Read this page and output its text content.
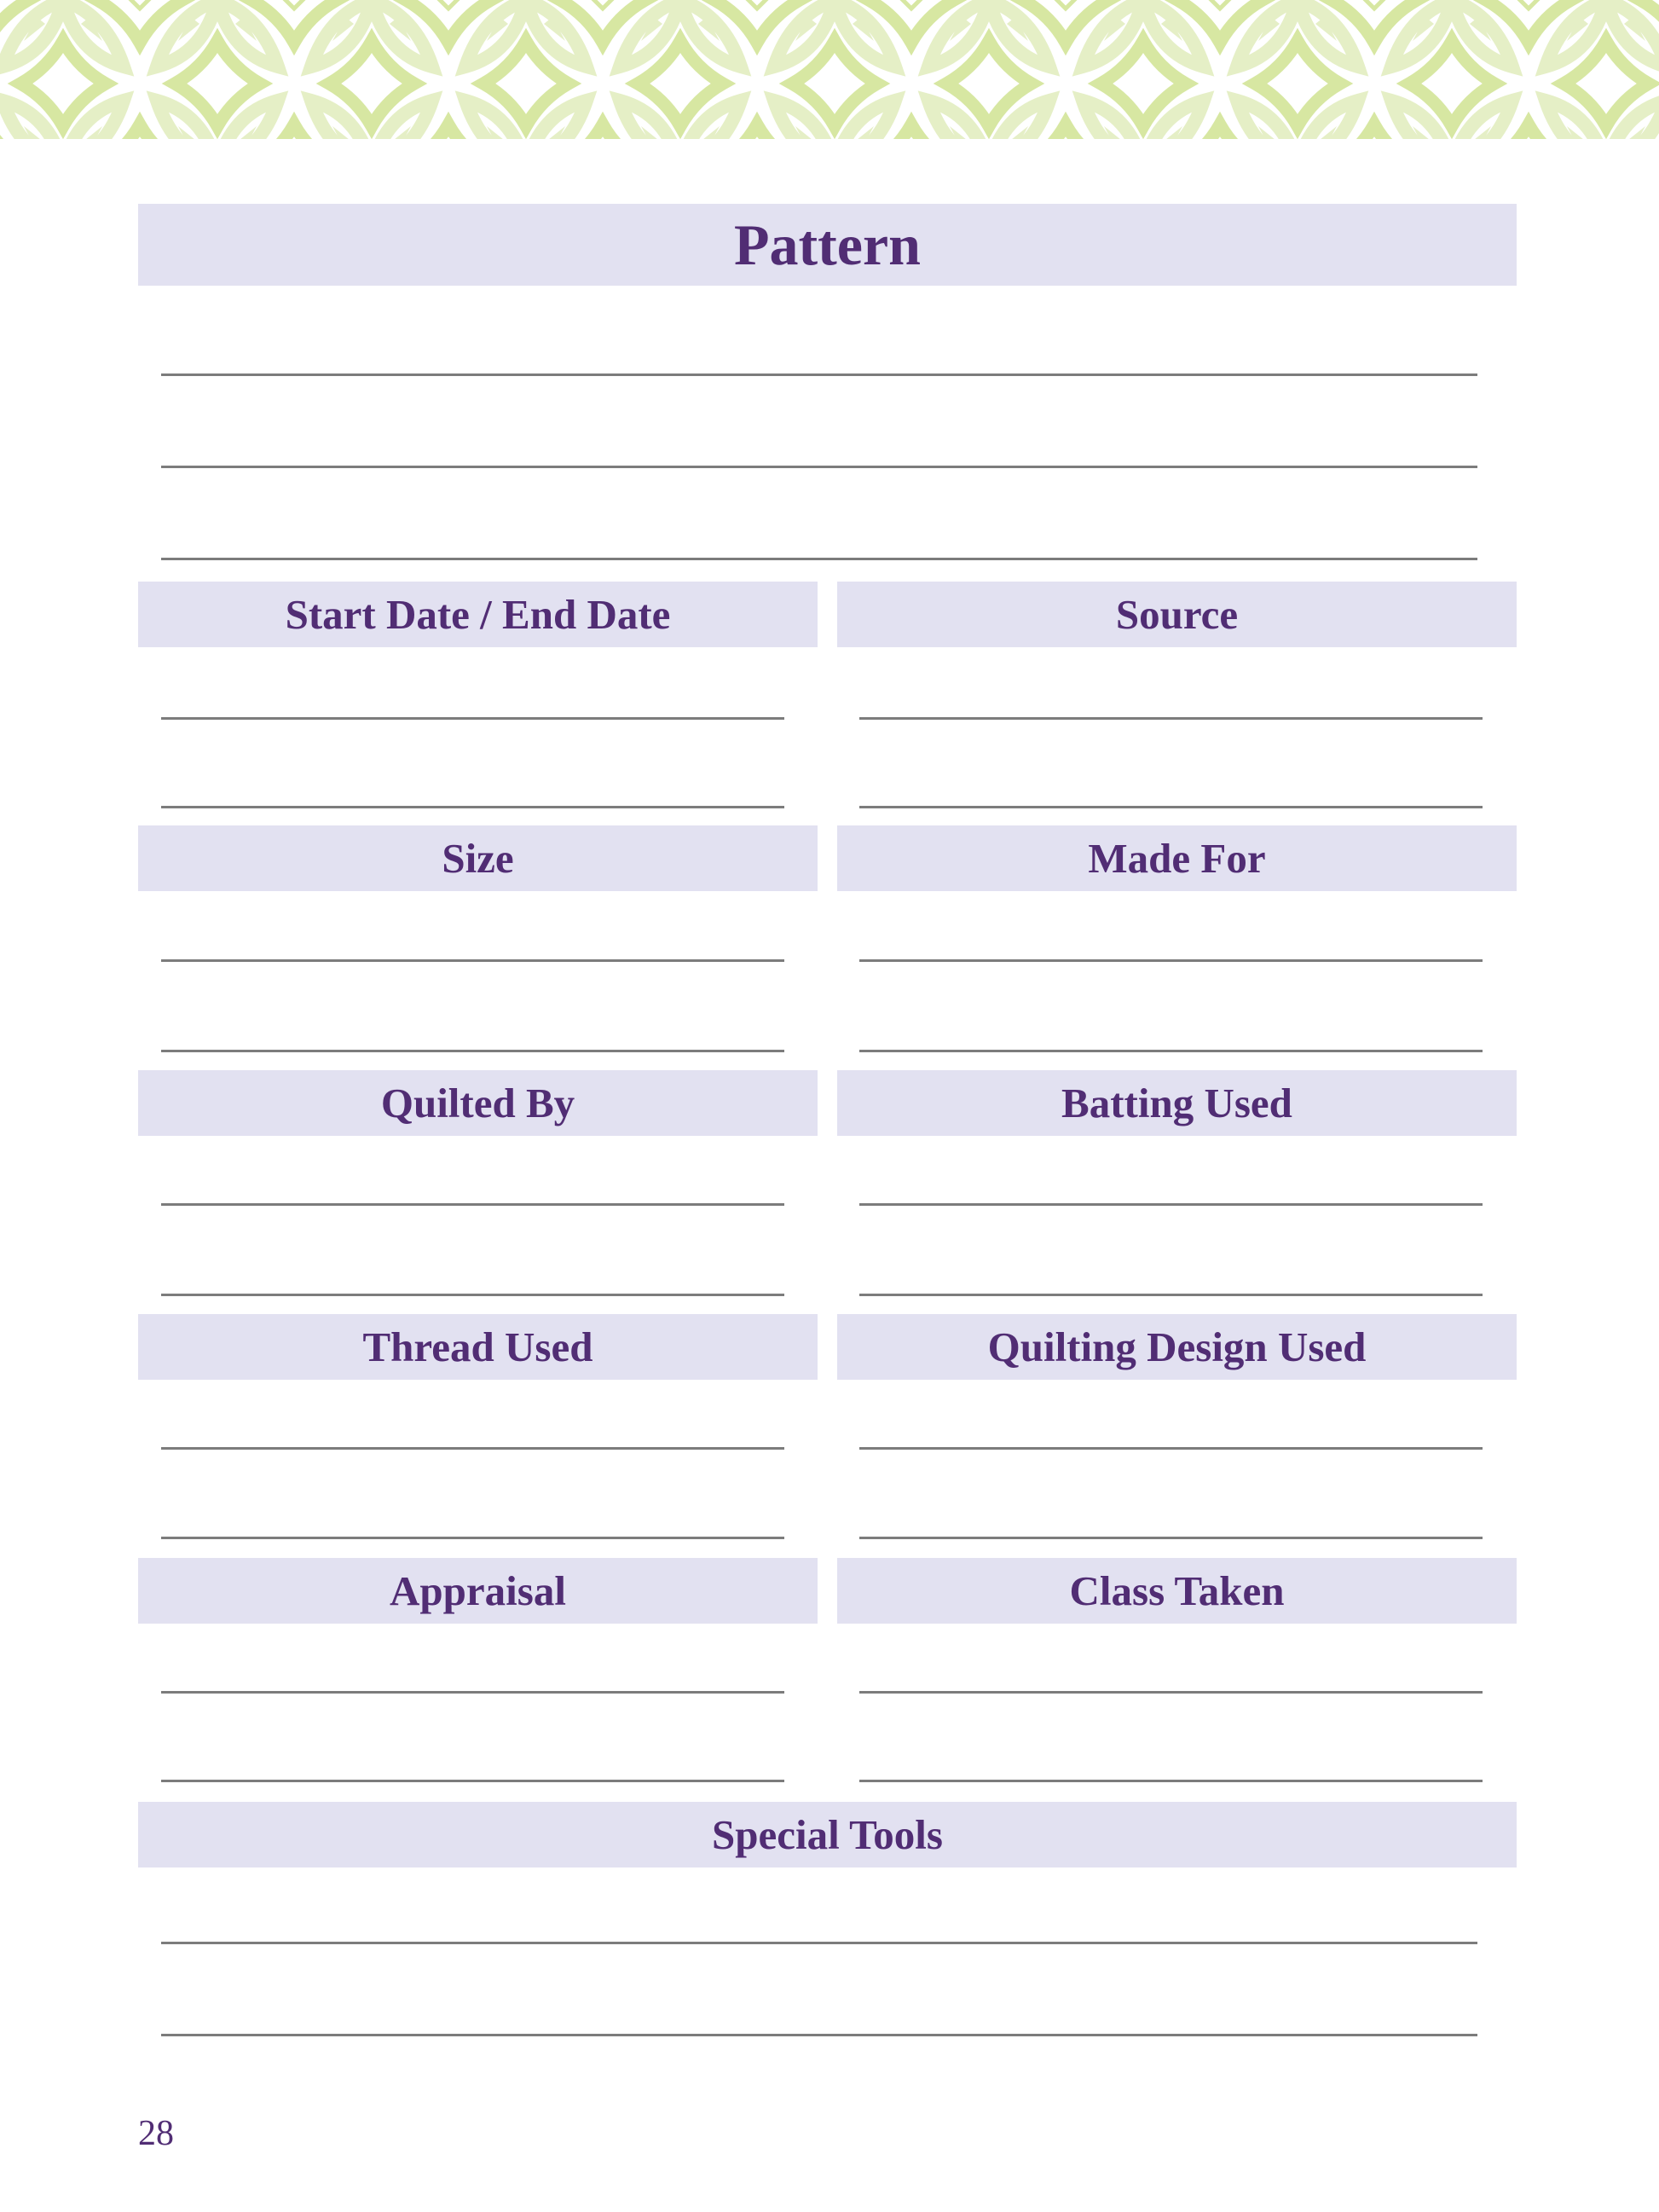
Pattern
Start Date / End Date	Source
Size	Made For
Quilted By	Batting Used
Thread Used	Quilting Design Used
Appraisal	Class Taken
Special Tools
28
